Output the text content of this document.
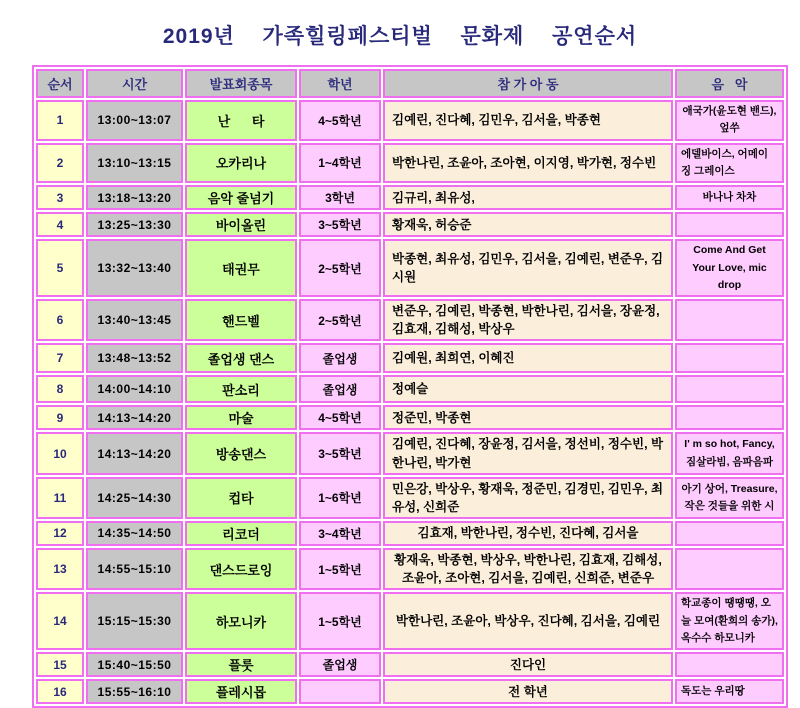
2019년  가족힐링페스티벌  문화제  공연순서
순서	시간	발표회종목	학년	참 가 아 동	음   악
1	13:00~13:07	난      타	4~5학년	김예린, 진다혜, 김민우, 김서을, 박종현	애국가(윤도현 밴드), 엎쑤
2	13:10~13:15	오카리나	1~4학년	박한나린, 조윤아, 조아현, 이지영, 박가현, 정수빈	에델바이스, 어메이징 그레이스
3	13:18~13:20	음악 줄넘기	3학년	김규리, 최유성,	바나나 차차
4	13:25~13:30	바이올린	3~5학년	황재욱, 허승준	
5	13:32~13:40	태권무	2~5학년	박종현, 최유성, 김민우, 김서을, 김예린, 변준우, 김시원	Come And Get Your Love, mic drop
6	13:40~13:45	핸드벨	2~5학년	변준우, 김예린, 박종현, 박한나린, 김서을, 장윤정, 김효재, 김해성, 박상우	
7	13:48~13:52	졸업생 댄스	졸업생	김예원, 최희연, 이혜진	
8	14:00~14:10	판소리	졸업생	정예슬	
9	14:13~14:20	마술	4~5학년	정준민, 박종현	
10	14:13~14:20	방송댄스	3~5학년	김예린, 진다혜, 장윤정, 김서을, 정선비, 정수빈, 박한나린, 박가현	I' m so hot, Fancy, 짐살라빔, 음파음파
11	14:25~14:30	컵타	1~6학년	민은강, 박상우, 황재욱, 정준민, 김경민, 김민우, 최유성, 신희준	아기 상어, Treasure, 작은 것들을 위한 시
12	14:35~14:50	리코더	3~4학년	김효재, 박한나린, 정수빈, 진다혜, 김서을	
13	14:55~15:10	댄스드로잉	1~5학년	황재욱, 박종현, 박상우, 박한나린, 김효재, 김해성, 조윤아, 조아현, 김서을, 김예린, 신희준, 변준우	
14	15:15~15:30	하모니카	1~5학년	박한나린, 조윤아, 박상우, 진다혜, 김서을, 김예린	학교종이 땡땡땡, 오늘 모여(환희의 송가), 옥수수 하모니카
15	15:40~15:50	플룻	졸업생	진다인	
16	15:55~16:10	플레시몹		전 학년	독도는 우리땅
